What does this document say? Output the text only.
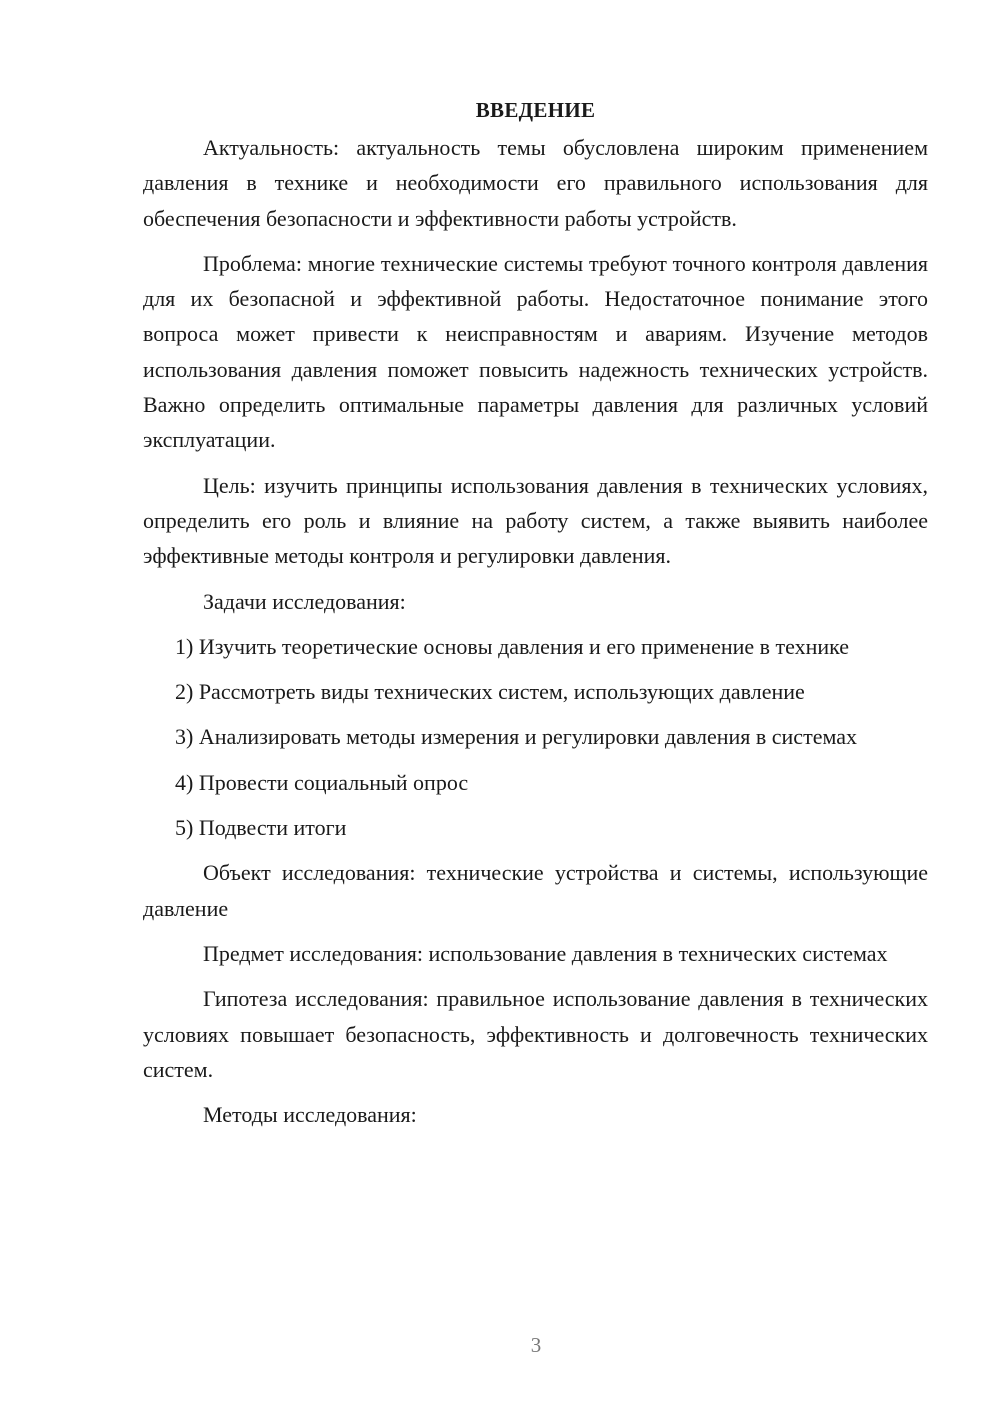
ВВЕДЕНИЕ

Актуальность: актуальность темы обусловлена широким применением давления в технике и необходимости его правильного использования для обеспечения безопасности и эффективности работы устройств.

Проблема: многие технические системы требуют точного контроля давления для их безопасной и эффективной работы. Недостаточное понимание этого вопроса может привести к неисправностям и авариям. Изучение методов использования давления поможет повысить надежность технических устройств. Важно определить оптимальные параметры давления для различных условий эксплуатации.

Цель: изучить принципы использования давления в технических условиях, определить его роль и влияние на работу систем, а также выявить наиболее эффективные методы контроля и регулировки давления.

Задачи исследования:

1) Изучить теоретические основы давления и его применение в технике

2) Рассмотреть виды технических систем, использующих давление

3) Анализировать методы измерения и регулировки давления в системах

4) Провести социальный опрос

5) Подвести итоги

Объект исследования: технические устройства и системы, использующие давление

Предмет исследования: использование давления в технических системах

Гипотеза исследования: правильное использование давления в технических условиях повышает безопасность, эффективность и долговечность технических систем.

Методы исследования:

3
